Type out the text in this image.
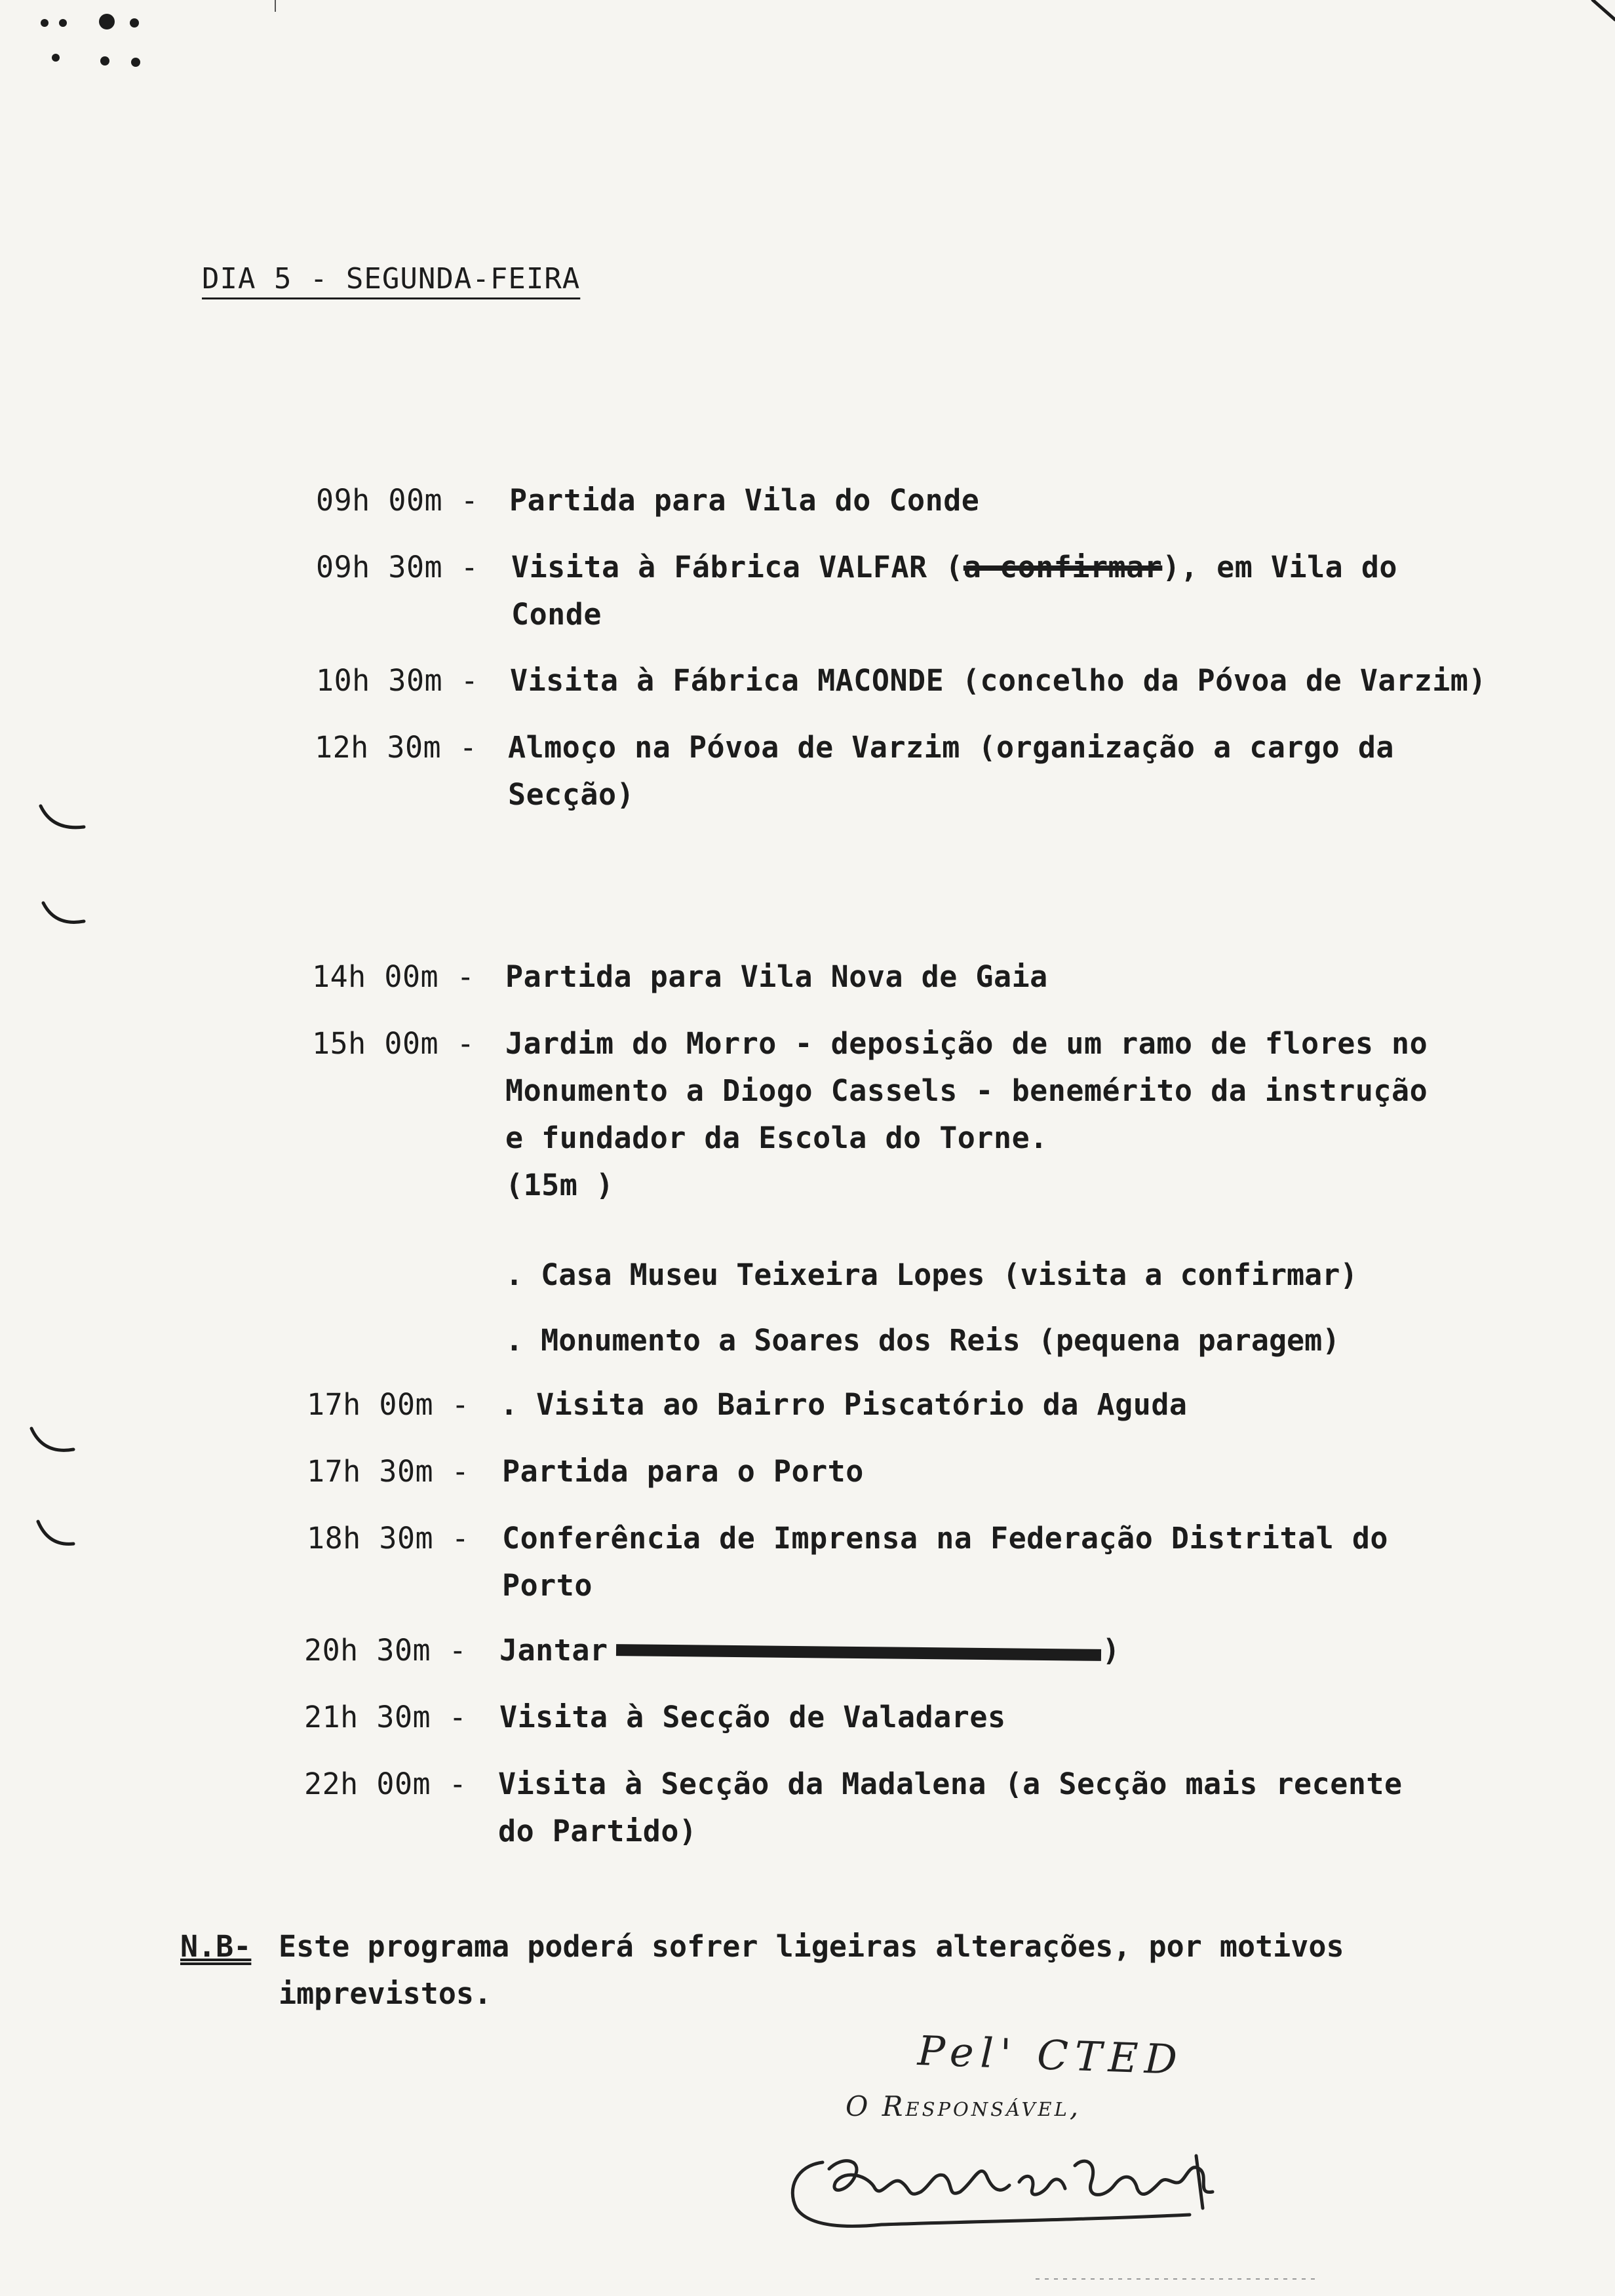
DIA 5 - SEGUNDA-FEIRA
09h 00m - Partida para Vila do Conde
09h 30m - Visita à Fábrica VALFAR (a confirmar), em Vila do
Conde
10h 30m - Visita à Fábrica MACONDE (concelho da Póvoa de Varzim)
12h 30m - Almoço na Póvoa de Varzim (organização a cargo da
Secção)
14h 00m - Partida para Vila Nova de Gaia
15h 00m - Jardim do Morro - deposição de um ramo de flores no
Monumento a Diogo Cassels - benemérito da instrução
e fundador da Escola do Torne.
(15m )
. Casa Museu Teixeira Lopes (visita a confirmar)
. Monumento a Soares dos Reis (pequena paragem)
17h 00m - . Visita ao Bairro Piscatório da Aguda
17h 30m - Partida para o Porto
18h 30m - Conferência de Imprensa na Federação Distrital do
Porto
20h 30m - Jantar	)
21h 30m - Visita à Secção de Valadares
22h 00m - Visita à Secção da Madalena (a Secção mais recente
do Partido)
N.B- Este programa poderá sofrer ligeiras alterações, por motivos
imprevistos.
Pel' CTED
O Responsável,
